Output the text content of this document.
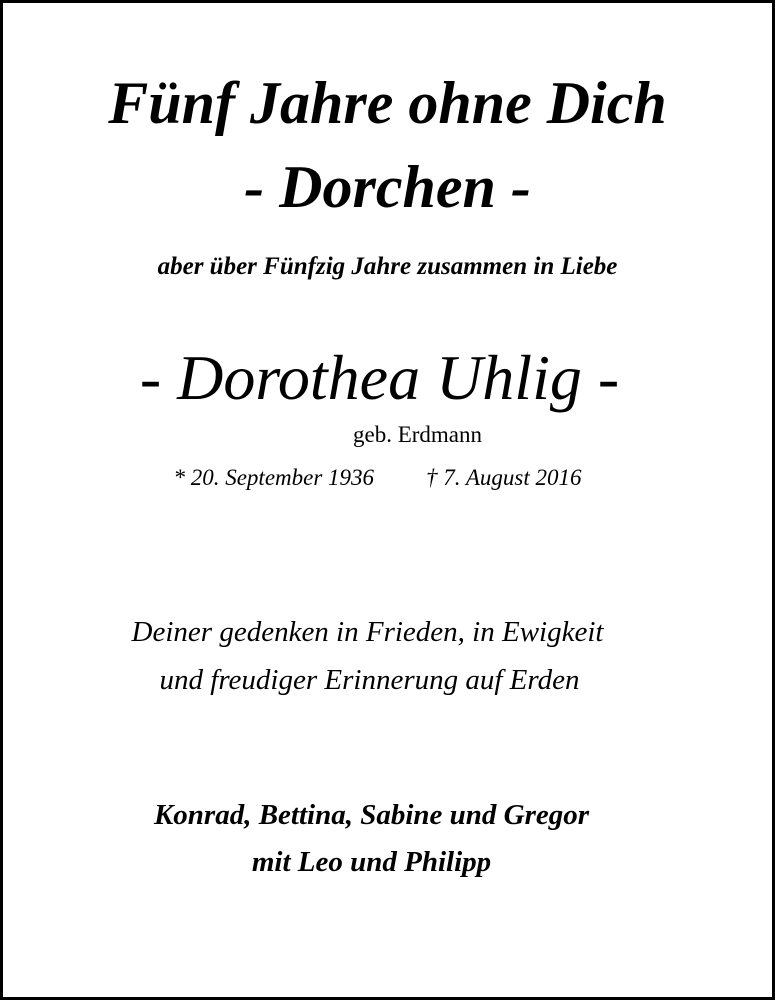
Fünf Jahre ohne Dich
- Dorchen -
aber über Fünfzig Jahre zusammen in Liebe
- Dorothea Uhlig -
geb. Erdmann
* 20. September 1936 † 7. August 2016
Deiner gedenken in Frieden, in Ewigkeit
und freudiger Erinnerung auf Erden
Konrad, Bettina, Sabine und Gregor
mit Leo und Philipp
